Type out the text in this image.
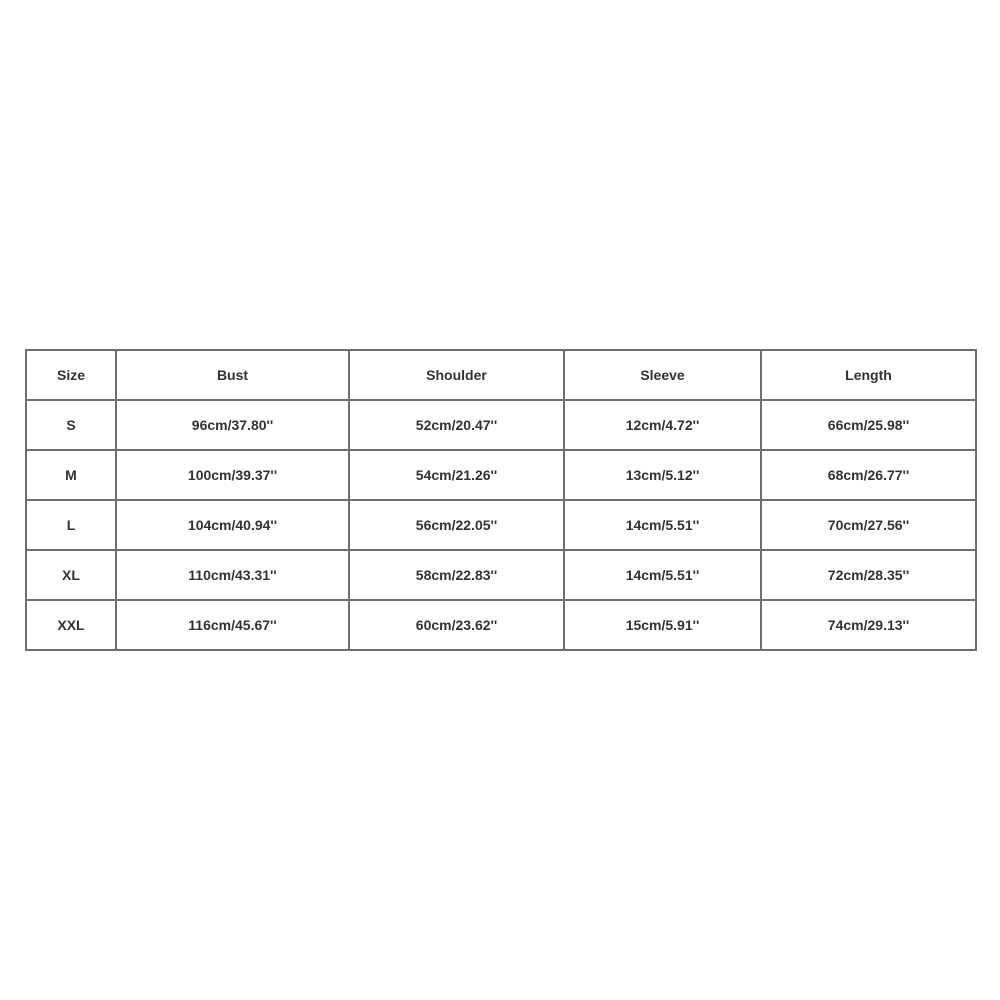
Size	Bust	Shoulder	Sleeve	Length
S	96cm/37.80''	52cm/20.47''	12cm/4.72''	66cm/25.98''
M	100cm/39.37''	54cm/21.26''	13cm/5.12''	68cm/26.77''
L	104cm/40.94''	56cm/22.05''	14cm/5.51''	70cm/27.56''
XL	110cm/43.31''	58cm/22.83''	14cm/5.51''	72cm/28.35''
XXL	116cm/45.67''	60cm/23.62''	15cm/5.91''	74cm/29.13''
